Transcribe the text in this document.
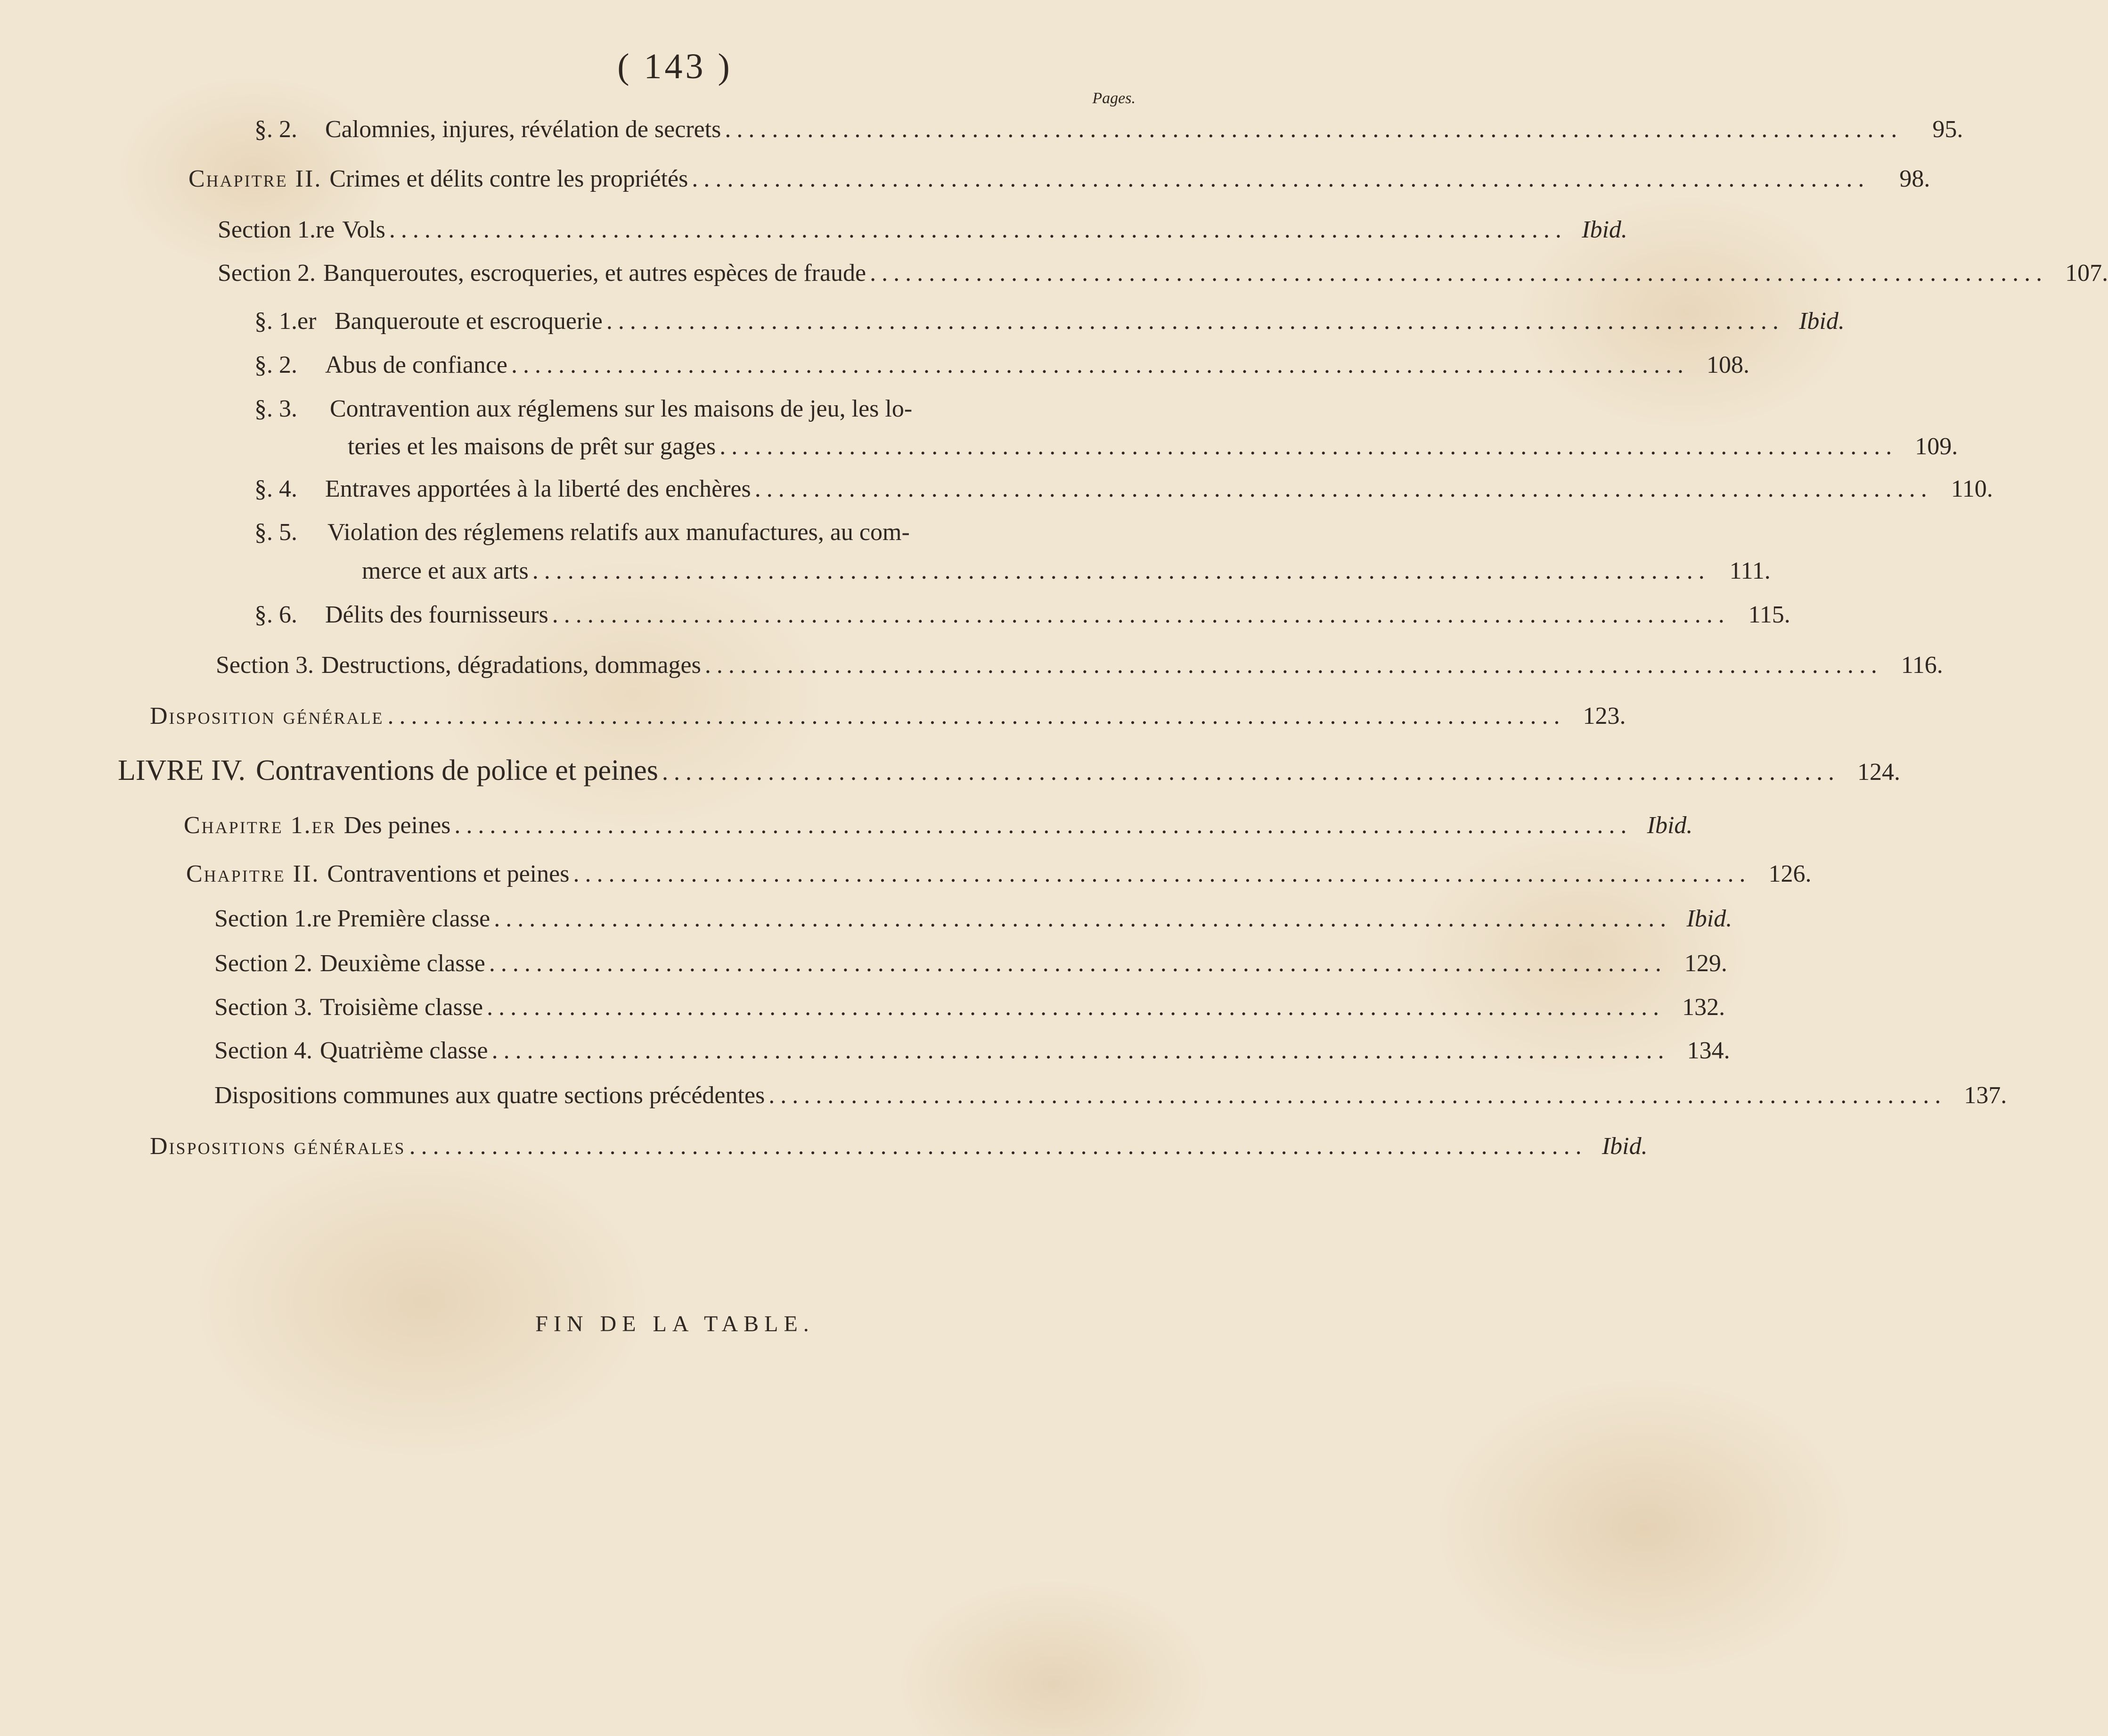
( 143 )
Pages.
§. 2.	Calomnies, injures, révélation de secrets ....................................................................................................	95.
Chapitre II. Crimes et délits contre les propriétés ....................................................................................................	98.
Section 1.re Vols .................................................................................................... Ibid.
Section 2. Banqueroutes, escroqueries, et autres espèces de fraude .................................................................................................... 107.
§. 1.er Banqueroute et escroquerie .................................................................................................... Ibid.
§. 2.	Abus de confiance .................................................................................................... 108.
§. 3. Contravention aux réglemens sur les maisons de jeu, les lo-
teries et les maisons de prêt sur gages .................................................................................................... 109.
§. 4.	Entraves apportées à la liberté des enchères .................................................................................................... 110.
§. 5. Violation des réglemens relatifs aux manufactures, au com-
merce et aux arts .................................................................................................... 111.
§. 6.	Délits des fournisseurs .................................................................................................... 115.
Section 3. Destructions, dégradations, dommages .................................................................................................... 116.
Disposition générale .................................................................................................... 123.
LIVRE IV. Contraventions de police et peines .................................................................................................... 124.
Chapitre 1.er Des peines .................................................................................................... Ibid.
Chapitre II. Contraventions et peines .................................................................................................... 126.
Section 1.re Première classe .................................................................................................... Ibid.
Section 2. Deuxième classe .................................................................................................... 129.
Section 3. Troisième classe .................................................................................................... 132.
Section 4. Quatrième classe .................................................................................................... 134.
Dispositions communes aux quatre sections précédentes .................................................................................................... 137.
Dispositions générales .................................................................................................... Ibid.
FIN DE LA TABLE.
